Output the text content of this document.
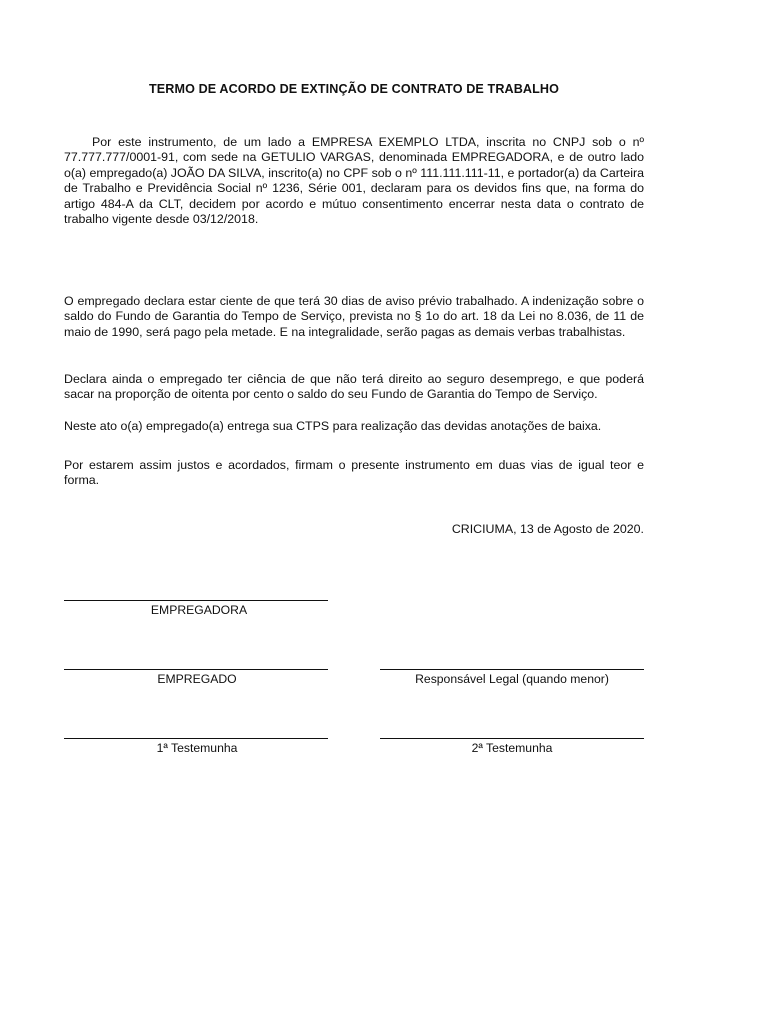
TERMO DE ACORDO DE EXTINÇÃO DE CONTRATO DE TRABALHO
Por este instrumento, de um lado a EMPRESA EXEMPLO LTDA, inscrita no CNPJ sob o nº 77.777.777/0001-91, com sede na GETULIO VARGAS, denominada EMPREGADORA, e de outro lado o(a) empregado(a) JOÃO DA SILVA, inscrito(a) no CPF sob o nº 111.111.111-11, e portador(a) da Carteira de Trabalho e Previdência Social nº 1236, Série 001, declaram para os devidos fins que, na forma do artigo 484-A da CLT, decidem por acordo e mútuo consentimento encerrar nesta data o contrato de trabalho vigente desde 03/12/2018.
O empregado declara estar ciente de que terá 30 dias de aviso prévio trabalhado. A indenização sobre o saldo do Fundo de Garantia do Tempo de Serviço, prevista no § 1o do art. 18 da Lei no 8.036, de 11 de maio de 1990, será pago pela metade. E na integralidade, serão pagas as demais verbas trabalhistas.
Declara ainda o empregado ter ciência de que não terá direito ao seguro desemprego, e que poderá sacar na proporção de oitenta por cento o saldo do seu Fundo de Garantia do Tempo de Serviço.
Neste ato o(a) empregado(a) entrega sua CTPS para realização das devidas anotações de baixa.
Por estarem assim justos e acordados, firmam o presente instrumento em duas vias de igual teor e forma.
CRICIUMA, 13 de Agosto de 2020.
EMPREGADORA
EMPREGADO	Responsável Legal (quando menor)
1ª Testemunha	2ª Testemunha
